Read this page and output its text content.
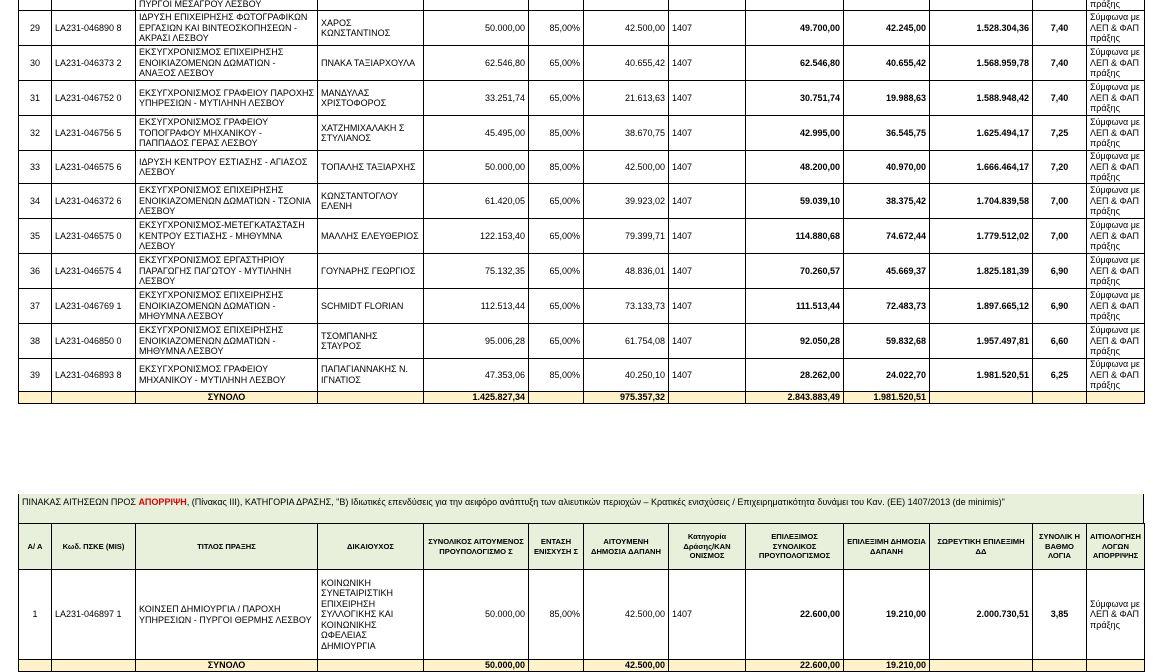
		ΠΥΡΓΟΙ ΜΕΣΑΓΡΟΥ ΛΕΣΒΟΥ										πράξης
29	LA231-046890 8	ΙΔΡΥΣΗ ΕΠΙΧΕΙΡΗΣΗΣ ΦΩΤΟΓΡΑΦΙΚΩΝ ΕΡΓΑΣΙΩΝ ΚΑΙ ΒΙΝΤΕΟΣΚΟΠΗΣΕΩΝ - ΑΚΡΑΣΙ ΛΕΣΒΟΥ	ΧΑΡΟΣ ΚΩΝΣΤΑΝΤΙΝΟΣ	50.000,00	85,00%	42.500,00	1407	49.700,00	42.245,00	1.528.304,36	7,40	Σύμφωνα με ΛΕΠ & ΦΑΠ πράξης
30	LA231-046373 2	ΕΚΣΥΓΧΡΟΝΙΣΜΟΣ ΕΠΙΧΕΙΡΗΣΗΣ ΕΝΟΙΚΙΑΖΟΜΕΝΩΝ ΔΩΜΑΤΙΩΝ - ΑΝΑΞΟΣ ΛΕΣΒΟΥ	ΠΝΑΚΑ ΤΑΞΙΑΡΧΟΥΛΑ	62.546,80	65,00%	40.655,42	1407	62.546,80	40.655,42	1.568.959,78	7,40	Σύμφωνα με ΛΕΠ & ΦΑΠ πράξης
31	LA231-046752 0	ΕΚΣΥΓΧΡΟΝΙΣΜΟΣ ΓΡΑΦΕΙΟΥ ΠΑΡΟΧΗΣ ΥΠΗΡΕΣΙΩΝ - ΜΥΤΙΛΗΝΗ ΛΕΣΒΟΥ	ΜΑΝΔΥΛΑΣ ΧΡΙΣΤΟΦΟΡΟΣ	33.251,74	65,00%	21.613,63	1407	30.751,74	19.988,63	1.588.948,42	7,40	Σύμφωνα με ΛΕΠ & ΦΑΠ πράξης
32	LA231-046756 5	ΕΚΣΥΓΧΡΟΝΙΣΜΟΣ ΓΡΑΦΕΙΟΥ ΤΟΠΟΓΡΑΦΟΥ ΜΗΧΑΝΙΚΟΥ - ΠΑΠΠΑΔΟΣ ΓΕΡΑΣ ΛΕΣΒΟΥ	ΧΑΤΖΗΜΙΧΑΛΑΚΗ Σ ΣΤΥΛΙΑΝΟΣ	45.495,00	85,00%	38.670,75	1407	42.995,00	36.545,75	1.625.494,17	7,25	Σύμφωνα με ΛΕΠ & ΦΑΠ πράξης
33	LA231-046575 6	ΙΔΡΥΣΗ ΚΕΝΤΡΟΥ ΕΣΤΙΑΣΗΣ - ΑΓΙΑΣΟΣ ΛΕΣΒΟΥ	ΤΟΠΑΛΗΣ ΤΑΞΙΑΡΧΗΣ	50.000,00	85,00%	42.500,00	1407	48.200,00	40.970,00	1.666.464,17	7,20	Σύμφωνα με ΛΕΠ & ΦΑΠ πράξης
34	LA231-046372 6	ΕΚΣΥΓΧΡΟΝΙΣΜΟΣ ΕΠΙΧΕΙΡΗΣΗΣ ΕΝΟΙΚΙΑΖΟΜΕΝΩΝ ΔΩΜΑΤΙΩΝ - ΤΣΟΝΙΑ ΛΕΣΒΟΥ	ΚΩΝΣΤΑΝΤΟΓΛΟΥ ΕΛΕΝΗ	61.420,05	65,00%	39.923,02	1407	59.039,10	38.375,42	1.704.839,58	7,00	Σύμφωνα με ΛΕΠ & ΦΑΠ πράξης
35	LA231-046575 0	ΕΚΣΥΓΧΡΟΝΙΣΜΟΣ-ΜΕΤΕΓΚΑΤΑΣΤΑΣΗ ΚΕΝΤΡΟΥ ΕΣΤΙΑΣΗΣ - ΜΗΘΥΜΝΑ ΛΕΣΒΟΥ	ΜΑΛΛΗΣ ΕΛΕΥΘΕΡΙΟΣ	122.153,40	65,00%	79.399,71	1407	114.880,68	74.672,44	1.779.512,02	7,00	Σύμφωνα με ΛΕΠ & ΦΑΠ πράξης
36	LA231-046575 4	ΕΚΣΥΓΧΡΟΝΙΣΜΟΣ ΕΡΓΑΣΤΗΡΙΟΥ ΠΑΡΑΓΩΓΗΣ ΠΑΓΩΤΟΥ - ΜΥΤΙΛΗΝΗ ΛΕΣΒΟΥ	ΓΟΥΝΑΡΗΣ ΓΕΩΡΓΙΟΣ	75.132,35	65,00%	48.836,01	1407	70.260,57	45.669,37	1.825.181,39	6,90	Σύμφωνα με ΛΕΠ & ΦΑΠ πράξης
37	LA231-046769 1	ΕΚΣΥΓΧΡΟΝΙΣΜΟΣ ΕΠΙΧΕΙΡΗΣΗΣ ΕΝΟΙΚΙΑΖΟΜΕΝΩΝ ΔΩΜΑΤΙΩΝ - ΜΗΘΥΜΝΑ ΛΕΣΒΟΥ	SCHMIDT FLORIAN	112.513,44	65,00%	73.133,73	1407	111.513,44	72.483,73	1.897.665,12	6,90	Σύμφωνα με ΛΕΠ & ΦΑΠ πράξης
38	LA231-046850 0	ΕΚΣΥΓΧΡΟΝΙΣΜΟΣ ΕΠΙΧΕΙΡΗΣΗΣ ΕΝΟΙΚΙΑΖΟΜΕΝΩΝ ΔΩΜΑΤΙΩΝ - ΜΗΘΥΜΝΑ ΛΕΣΒΟΥ	ΤΣΟΜΠΑΝΗΣ ΣΤΑΥΡΟΣ	95.006,28	65,00%	61.754,08	1407	92.050,28	59.832,68	1.957.497,81	6,60	Σύμφωνα με ΛΕΠ & ΦΑΠ πράξης
39	LA231-046893 8	ΕΚΣΥΓΧΡΟΝΙΣΜΟΣ ΓΡΑΦΕΙΟΥ ΜΗΧΑΝΙΚΟΥ - ΜΥΤΙΛΗΝΗ ΛΕΣΒΟΥ	ΠΑΠΑΓΙΑΝΝΑΚΗΣ Ν. ΙΓΝΑΤΙΟΣ	47.353,06	85,00%	40.250,10	1407	28.262,00	24.022,70	1.981.520,51	6,25	Σύμφωνα με ΛΕΠ & ΦΑΠ πράξης
		ΣΥΝΟΛΟ		1.425.827,34		975.357,32		2.843.883,49	1.981.520,51			
ΠΙΝΑΚΑΣ ΑΙΤΗΣΕΩΝ ΠΡΟΣ ΑΠΟΡΡΙΨΗ, (Πίνακας ΙΙΙ), ΚΑΤΗΓΟΡΙΑ ΔΡΑΣΗΣ, "Β) Ιδιωτικές επενδύσεις για την αειφόρο ανάπτυξη των αλιευτικών περιοχών – Κρατικές ενισχύσεις / Επιχειρηματικότητα δυνάμει του Καν. (ΕΕ) 1407/2013 (de minimis)"
Α/ Α	Κωδ. ΠΣΚΕ (MIS)	ΤΙΤΛΟΣ ΠΡΑΞΗΣ	ΔΙΚΑΙΟΥΧΟΣ	ΣΥΝΟΛΙΚΟΣ ΑΙΤΟΥΜΕΝΟΣ ΠΡΟΥΠΟΛΟΓΙΣΜΟ Σ	ΕΝΤΑΣΗ ΕΝΙΣΧΥΣΗ Σ	ΑΙΤΟΥΜΕΝΗ ΔΗΜΟΣΙΑ ΔΑΠΑΝΗ	Κατηγορία Δράσης/ΚΑΝ ΟΝΙΣΜΟΣ	ΕΠΙΛΕΞΙΜΟΣ ΣΥΝΟΛΙΚΟΣ ΠΡΟΥΠΟΛΟΓΙΣΜΟΣ	ΕΠΙΛΕΞΙΜΗ ΔΗΜΟΣΙΑ ΔΑΠΑΝΗ	ΣΩΡΕΥΤΙΚΗ ΕΠΙΛΕΞΙΜΗ ΔΔ	ΣΥΝΟΛΙΚ Η ΒΑΘΜΟ ΛΟΓΙΑ	ΑΙΤΙΟΛΟΓΗΣΗ ΛΟΓΩΝ ΑΠΟΡΡΙΨΗΣ
1	LA231-046897 1	ΚΟΙΝΣΕΠ ΔΗΜΙΟΥΡΓΙΑ / ΠΑΡΟΧΗ ΥΠΗΡΕΣΙΩΝ - ΠΥΡΓΟΙ ΘΕΡΜΗΣ ΛΕΣΒΟΥ	ΚΟΙΝΩΝΙΚΗ ΣΥΝΕΤΑΙΡΙΣΤΙΚΗ ΕΠΙΧΕΙΡΗΣΗ ΣΥΛΛΟΓΙΚΗΣ ΚΑΙ ΚΟΙΝΩΝΙΚΗΣ ΩΦΕΛΕΙΑΣ ΔΗΜΙΟΥΡΓΙΑ	50.000,00	85,00%	42.500,00	1407	22.600,00	19.210,00	2.000.730,51	3,85	Σύμφωνα με ΛΕΠ & ΦΑΠ πράξης
		ΣΥΝΟΛΟ		50.000,00		42.500,00		22.600,00	19.210,00			
